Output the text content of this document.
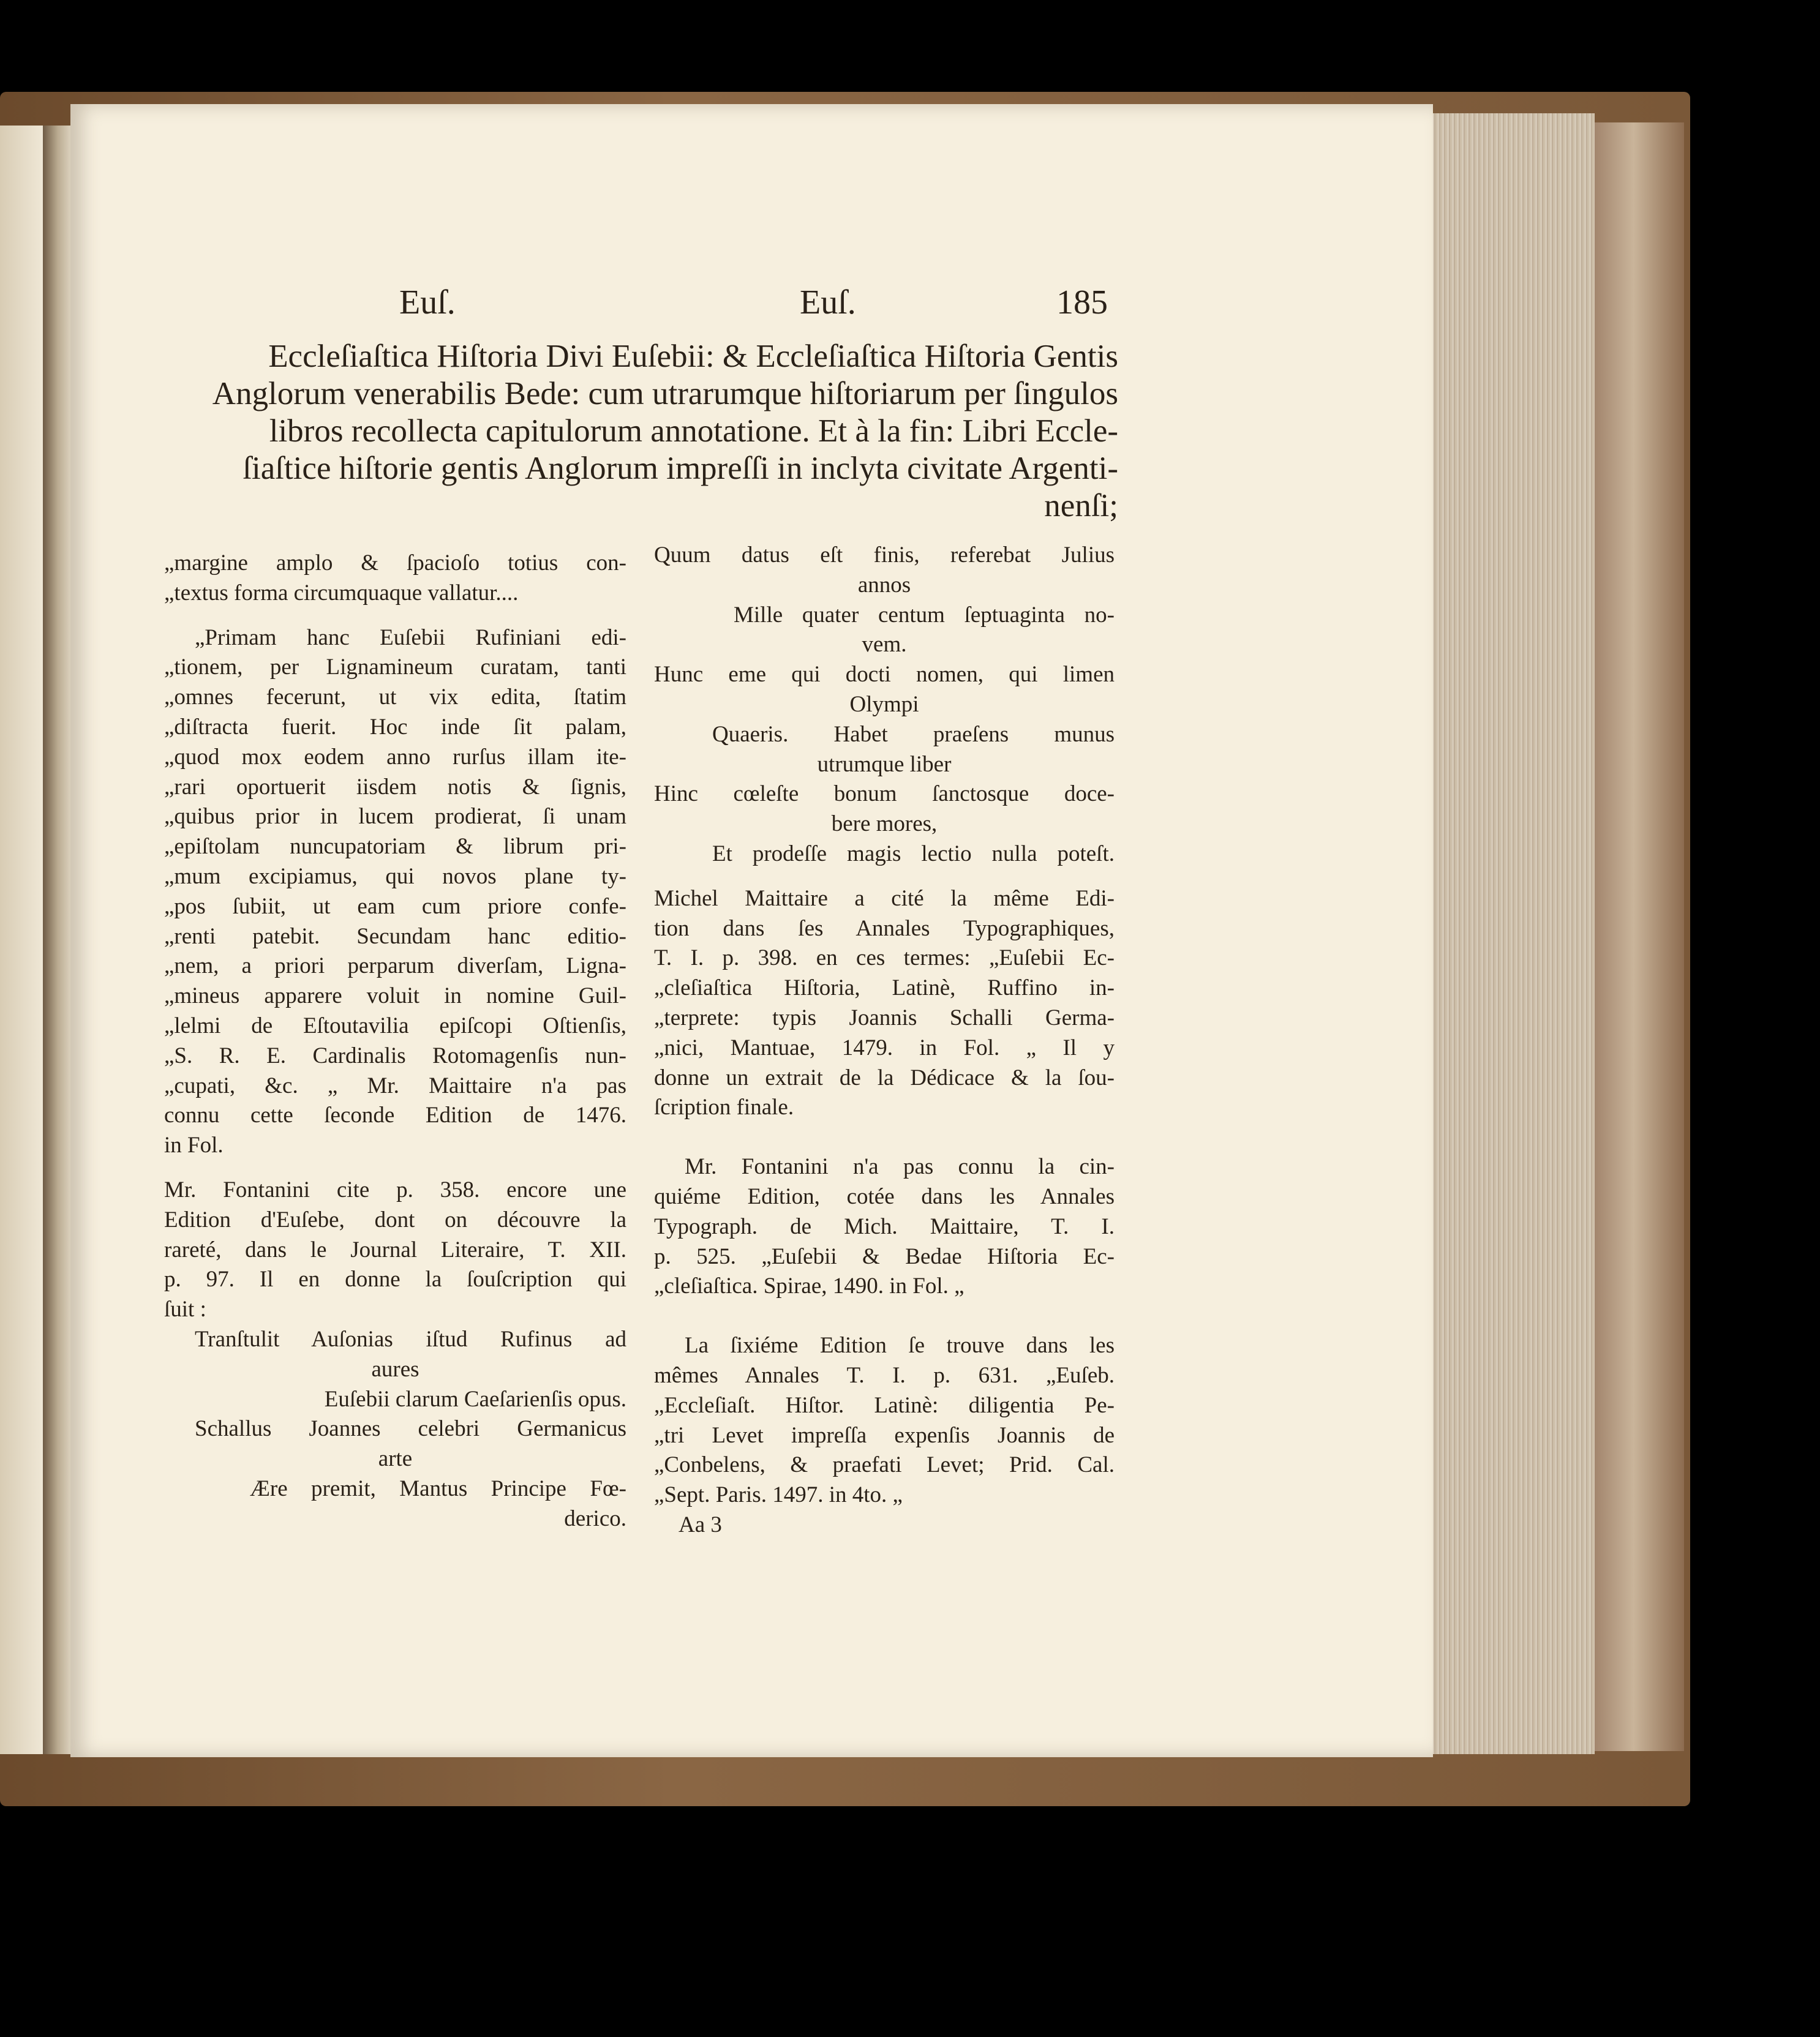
Euſ.	Euſ.	185
Eccleſiaſtica Hiſtoria Divi Euſebii: & Eccleſiaſtica Hiſtoria Gentis
Anglorum venerabilis Bede: cum utrarumque hiſtoriarum per ſingulos
libros recollecta capitulorum annotatione. Et à la fin: Libri Eccle-
ſiaſtice hiſtorie gentis Anglorum impreſſi in inclyta civitate Argenti-
nenſi;
„margine amplo & ſpacioſo totius con-
„textus forma circumquaque vallatur....
„Primam hanc Euſebii Rufiniani edi-
„tionem, per Lignamineum curatam, tanti
„omnes fecerunt, ut vix edita, ſtatim
„diſtracta fuerit. Hoc inde ſit palam,
„quod mox eodem anno rurſus illam ite-
„rari oportuerit iisdem notis & ſignis,
„quibus prior in lucem prodierat, ſi unam
„epiſtolam nuncupatoriam & librum pri-
„mum excipiamus, qui novos plane ty-
„pos ſubiit, ut eam cum priore confe-
„renti patebit. Secundam hanc editio-
„nem, a priori perparum diverſam, Ligna-
„mineus apparere voluit in nomine Guil-
„lelmi de Eſtoutavilia epiſcopi Oſtienſis,
„S. R. E. Cardinalis Rotomagenſis nun-
„cupati, &c. „ Mr. Maittaire n'a pas
connu cette ſeconde Edition de 1476.
in Fol.
Mr. Fontanini cite p. 358. encore une
Edition d'Euſebe, dont on découvre la
rareté, dans le Journal Literaire, T. XII.
p. 97. Il en donne la ſouſcription qui
ſuit :
Tranſtulit Auſonias iſtud Rufinus ad
aures
Euſebii clarum Caeſarienſis opus.
Schallus Joannes celebri Germanicus
arte
Ære premit, Mantus Principe Fœ-
derico.
Quum datus eſt finis, referebat Julius
annos
Mille quater centum ſeptuaginta no-
vem.
Hunc eme qui docti nomen, qui limen
Olympi
Quaeris. Habet praeſens munus
utrumque liber
Hinc cœleſte bonum ſanctosque doce-
bere mores,
Et prodeſſe magis lectio nulla poteſt.
Michel Maittaire a cité la même Edi-
tion dans ſes Annales Typographiques,
T. I. p. 398. en ces termes: „Euſebii Ec-
„cleſiaſtica Hiſtoria, Latinè, Ruffino in-
„terprete: typis Joannis Schalli Germa-
„nici, Mantuae, 1479. in Fol. „ Il y
donne un extrait de la Dédicace & la ſou-
ſcription finale.
Mr. Fontanini n'a pas connu la cin-
quiéme Edition, cotée dans les Annales
Typograph. de Mich. Maittaire, T. I.
p. 525. „Euſebii & Bedae Hiſtoria Ec-
„cleſiaſtica. Spirae, 1490. in Fol. „
La ſixiéme Edition ſe trouve dans les
mêmes Annales T. I. p. 631. „Euſeb.
„Eccleſiaſt. Hiſtor. Latinè: diligentia Pe-
„tri Levet impreſſa expenſis Joannis de
„Conbelens, & praefati Levet; Prid. Cal.
„Sept. Paris. 1497. in 4to. „
Aa 3
